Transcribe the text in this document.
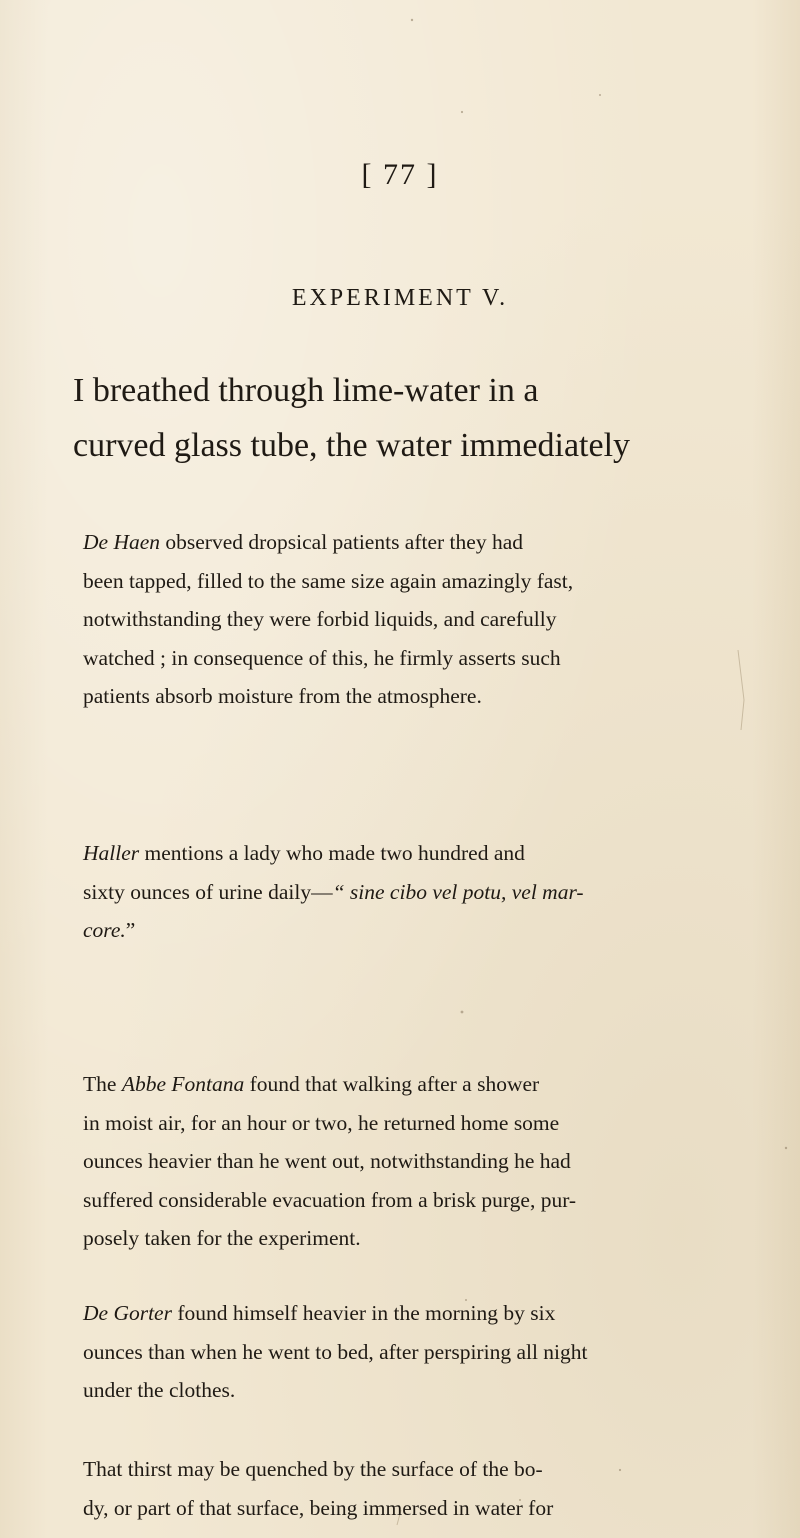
[ 77 ]
EXPERIMENT V.

I breathed through lime-water in a
curved glass tube, the water immediately

De Haen observed dropsical patients after they had
been tapped, filled to the same size again amazingly fast,
notwithstanding they were forbid liquids, and carefully
watched ; in consequence of this, he firmly asserts such
patients absorb moisture from the atmosphere.

Haller mentions a lady who made two hundred and
sixty ounces of urine daily—“ sine cibo vel potu, vel mar-
core.”

The Abbe Fontana found that walking after a shower
in moist air, for an hour or two, he returned home some
ounces heavier than he went out, notwithstanding he had
suffered considerable evacuation from a brisk purge, pur-
posely taken for the experiment.

De Gorter found himself heavier in the morning by six
ounces than when he went to bed, after perspiring all night
under the clothes.

That thirst may be quenched by the surface of the bo-
dy, or part of that surface, being immersed in water for
